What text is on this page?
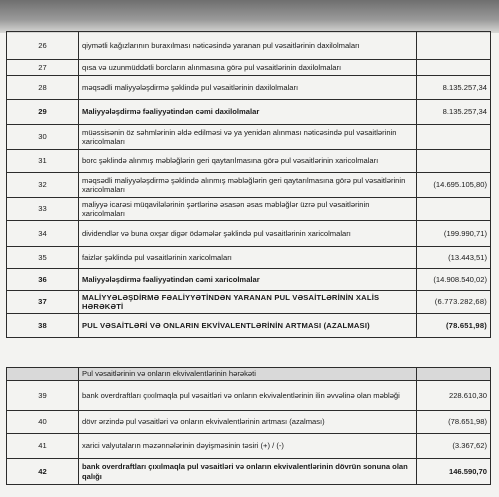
26	qiymətli kağızlarının buraxılması nəticəsində yaranan pul vəsaitlərinin daxilolmaları	
27	qısa və uzunmüddətli borcların alınmasına görə pul vəsaitlərinin daxilolmaları	
28	məqsədli maliyyələşdirmə şəklində pul vəsaitlərinin daxilolmaları	8.135.257,34
29	Maliyyələşdirmə fəaliyyətindən cəmi daxilolmalar	8.135.257,34
30	müəssisənin öz səhmlərinin əldə edilməsi və ya yenidən alınması nəticəsində pul vəsaitlərinin xaricolmaları	
31	borc şəklində alınmış məbləğlərin geri qaytarılmasına görə pul vəsaitlərinin xaricolmaları	
32	məqsədli maliyyələşdirmə şəklində alınmış məbləğlərin geri qaytarılmasına görə pul vəsaitlərinin xaricolmaları	(14.695.105,80)
33	maliyyə icarəsi müqavilələrinin şərtlərinə əsasən əsas məbləğlər üzrə pul vəsaitlərinin xaricolmaları	
34	dividendlər və buna oxşar digər ödəmələr şəklində pul vəsaitlərinin xaricolmaları	(199.990,71)
35	faizlər şəklində pul vəsaitlərinin xaricolmaları	(13.443,51)
36	Maliyyələşdirmə fəaliyyətindən cəmi xaricolmalar	(14.908.540,02)
37	MALİYYƏLƏŞDİRMƏ FƏALİYYƏTİNDƏN YARANAN PUL VƏSAİTLƏRİNİN XALİS HƏRƏKƏTİ	(6.773.282,68)
38	PUL VƏSAİTLƏRİ VƏ ONLARIN EKVİVALENTLƏRİNİN ARTMASI (AZALMASI)	(78.651,98)
	Pul vəsaitlərinin və onların ekvivalentlərinin hərəkəti	
39	bank overdraftları çıxılmaqla pul vəsaitləri və onların ekvivalentlərinin ilin əvvəlinə olan məbləği	228.610,30
40	dövr ərzində pul vəsaitləri və onların ekvivalentlərinin artması (azalması)	(78.651,98)
41	xarici valyutaların məzənnələrinin dəyişməsinin təsiri (+) / (-)	(3.367,62)
42	bank overdraftları çıxılmaqla pul vəsaitləri və onların ekvivalentlərinin dövrün sonuna olan qalığı	146.590,70
